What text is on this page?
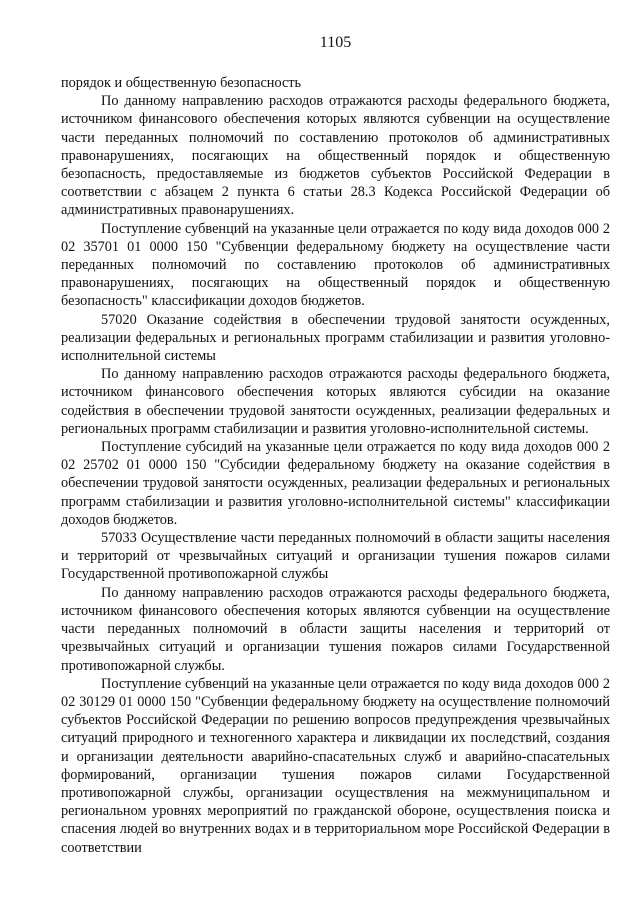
1105

порядок и общественную безопасность

По данному направлению расходов отражаются расходы федерального бюджета, источником финансового обеспечения которых являются субвенции на осуществление части переданных полномочий по составлению протоколов об административных правонарушениях, посягающих на общественный порядок и общественную безопасность, предоставляемые из бюджетов субъектов Российской Федерации в соответствии с абзацем 2 пункта 6 статьи 28.3 Кодекса Российской Федерации об административных правонарушениях.

Поступление субвенций на указанные цели отражается по коду вида доходов 000 2 02 35701 01 0000 150 "Субвенции федеральному бюджету на осуществление части переданных полномочий по составлению протоколов об административных правонарушениях, посягающих на общественный порядок и общественную безопасность" классификации доходов бюджетов.

57020 Оказание содействия в обеспечении трудовой занятости осужденных, реализации федеральных и региональных программ стабилизации и развития уголовно-исполнительной системы

По данному направлению расходов отражаются расходы федерального бюджета, источником финансового обеспечения которых являются субсидии на оказание содействия в обеспечении трудовой занятости осужденных, реализации федеральных и региональных программ стабилизации и развития уголовно-исполнительной системы.

Поступление субсидий на указанные цели отражается по коду вида доходов 000 2 02 25702 01 0000 150 "Субсидии федеральному бюджету на оказание содействия в обеспечении трудовой занятости осужденных, реализации федеральных и региональных программ стабилизации и развития уголовно-исполнительной системы" классификации доходов бюджетов.

57033 Осуществление части переданных полномочий в области защиты населения и территорий от чрезвычайных ситуаций и организации тушения пожаров силами Государственной противопожарной службы

По данному направлению расходов отражаются расходы федерального бюджета, источником финансового обеспечения которых являются субвенции на осуществление части переданных полномочий в области защиты населения и территорий от чрезвычайных ситуаций и организации тушения пожаров силами Государственной противопожарной службы.

Поступление субвенций на указанные цели отражается по коду вида доходов 000 2 02 30129 01 0000 150 "Субвенции федеральному бюджету на осуществление полномочий субъектов Российской Федерации по решению вопросов предупреждения чрезвычайных ситуаций природного и техногенного характера и ликвидации их последствий, создания и организации деятельности аварийно-спасательных служб и аварийно-спасательных формирований, организации тушения пожаров силами Государственной противопожарной службы, организации осуществления на межмуниципальном и региональном уровнях мероприятий по гражданской обороне, осуществления поиска и спасения людей во внутренних водах и в территориальном море Российской Федерации в соответствии
